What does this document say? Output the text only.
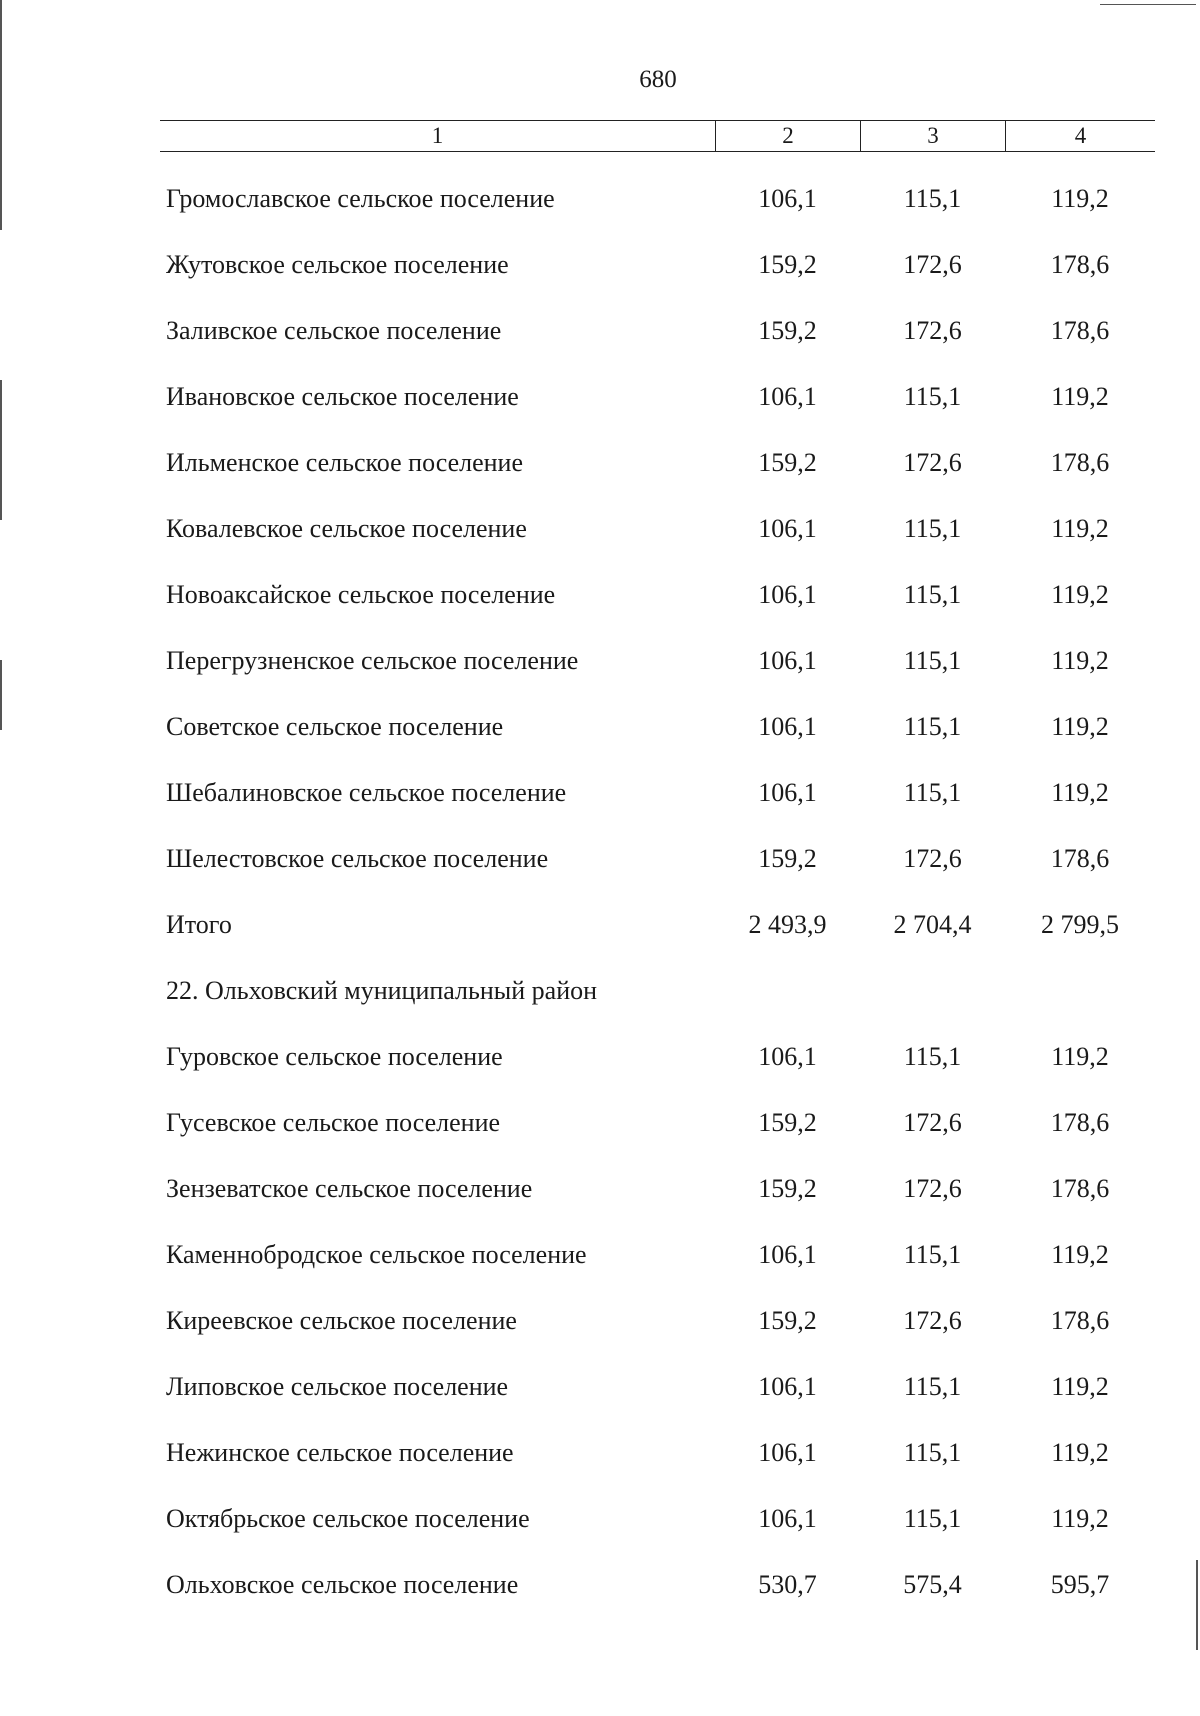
680
1	2	3	4
Громославское сельское поселение	106,1	115,1	119,2
Жутовское сельское поселение	159,2	172,6	178,6
Заливское сельское поселение	159,2	172,6	178,6
Ивановское сельское поселение	106,1	115,1	119,2
Ильменское сельское поселение	159,2	172,6	178,6
Ковалевское сельское поселение	106,1	115,1	119,2
Новоаксайское сельское поселение	106,1	115,1	119,2
Перегрузненское сельское поселение	106,1	115,1	119,2
Советское сельское поселение	106,1	115,1	119,2
Шебалиновское сельское поселение	106,1	115,1	119,2
Шелестовское сельское поселение	159,2	172,6	178,6
Итого	2 493,9	2 704,4	2 799,5
22. Ольховский муниципальный район
Гуровское сельское поселение	106,1	115,1	119,2
Гусевское сельское поселение	159,2	172,6	178,6
Зензеватское сельское поселение	159,2	172,6	178,6
Каменнобродское сельское поселение	106,1	115,1	119,2
Киреевское сельское поселение	159,2	172,6	178,6
Липовское сельское поселение	106,1	115,1	119,2
Нежинское сельское поселение	106,1	115,1	119,2
Октябрьское сельское поселение	106,1	115,1	119,2
Ольховское сельское поселение	530,7	575,4	595,7
